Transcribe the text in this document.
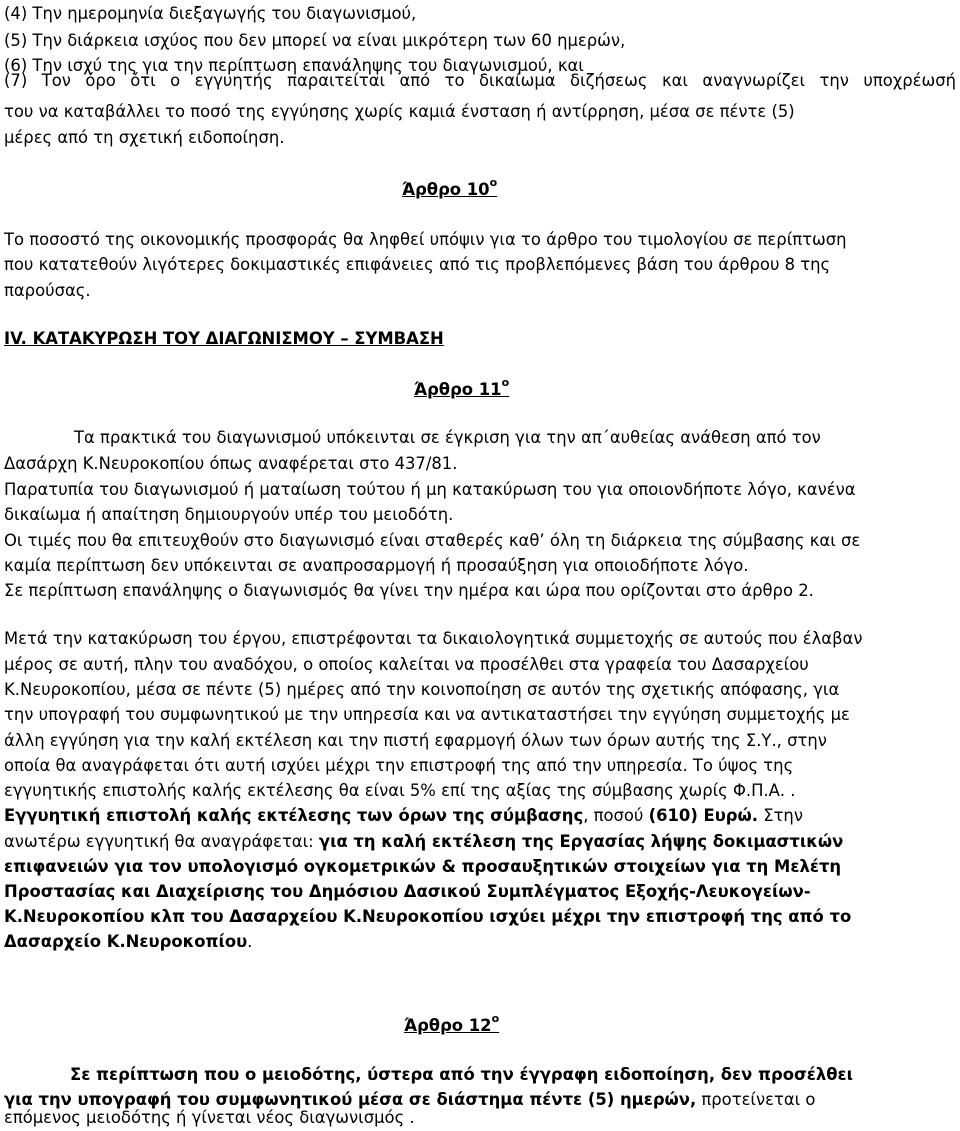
(4) Την ημερομηνία διεξαγωγής του διαγωνισμού,
(5) Την διάρκεια ισχύος που δεν μπορεί να είναι μικρότερη των 60 ημερών,
(6) Την ισχύ της για την περίπτωση επανάληψης του διαγωνισμού, και
(7) Τον όρο ότι ο εγγυητής παραιτείται από το δικαίωμα διζήσεως και αναγνωρίζει την υποχρέωσή
του να καταβάλλει το ποσό της εγγύησης χωρίς καμιά ένσταση ή αντίρρηση, μέσα σε πέντε (5)
μέρες από τη σχετική ειδοποίηση.
Άρθρο $10^o$
Το ποσοστό της οικονομικής προσφοράς θα ληφθεί υπόψιν για το άρθρο του τιμολογίου σε περίπτωση
που κατατεθούν λιγότερες δοκιμαστικές επιφάνειες από τις προβλεπόμενες βάση του άρθρου 8 της
παρούσας.
IV. ΚΑΤΑΚΥΡΩΣΗ ΤΟΥ ΔΙΑΓΩΝΙΣΜΟΥ – ΣΥΜΒΑΣΗ
Άρθρο $11^o$
Τα πρακτικά του διαγωνισμού υπόκεινται σε έγκριση για την απ΄αυθείας ανάθεση από τον
Δασάρχη Κ.Νευροκοπίου όπως αναφέρεται στο 437/81.
Παρατυπία του διαγωνισμού ή ματαίωση τούτου ή μη κατακύρωση του για οποιονδήποτε λόγο, κανένα
δικαίωμα ή απαίτηση δημιουργούν υπέρ του μειοδότη.
Οι τιμές που θα επιτευχθούν στο διαγωνισμό είναι σταθερές καθ’ όλη τη διάρκεια της σύμβασης και σε
καμία περίπτωση δεν υπόκεινται σε αναπροσαρμογή ή προσαύξηση για οποιοδήποτε λόγο.
Σε περίπτωση επανάληψης ο διαγωνισμός θα γίνει την ημέρα και ώρα που ορίζονται στο άρθρο 2.
Μετά την κατακύρωση του έργου, επιστρέφονται τα δικαιολογητικά συμμετοχής σε αυτούς που έλαβαν
μέρος σε αυτή, πλην του αναδόχου, ο οποίος καλείται να προσέλθει στα γραφεία του Δασαρχείου
Κ.Νευροκοπίου, μέσα σε πέντε (5) ημέρες από την κοινοποίηση σε αυτόν της σχετικής απόφασης, για
την υπογραφή του συμφωνητικού με την υπηρεσία και να αντικαταστήσει την εγγύηση συμμετοχής με
άλλη εγγύηση για την καλή εκτέλεση και την πιστή εφαρμογή όλων των όρων αυτής της Σ.Υ., στην
οποία θα αναγράφεται ότι αυτή ισχύει μέχρι την επιστροφή της από την υπηρεσία. Το ύψος της
εγγυητικής επιστολής καλής εκτέλεσης θα είναι 5% επί της αξίας της σύμβασης χωρίς Φ.Π.Α. .
Εγγυητική επιστολή καλής εκτέλεσης των όρων της σύμβασης, ποσού (610) Ευρώ. Στην
ανωτέρω εγγυητική θα αναγράφεται: για τη καλή εκτέλεση της Εργασίας λήψης δοκιμαστικών
επιφανειών για τον υπολογισμό ογκομετρικών & προσαυξητικών στοιχείων για τη Μελέτη
Προστασίας και Διαχείρισης του Δημόσιου Δασικού Συμπλέγματος Εξοχής-Λευκογείων-
Κ.Νευροκοπίου κλπ του Δασαρχείου Κ.Νευροκοπίου ισχύει μέχρι την επιστροφή της από το
Δασαρχείο Κ.Νευροκοπίου.
Άρθρο $12^o$
Σε περίπτωση που ο μειοδότης, ύστερα από την έγγραφη ειδοποίηση, δεν προσέλθει
για την υπογραφή του συμφωνητικού μέσα σε διάστημα πέντε (5) ημερών, προτείνεται ο
επόμενος μειοδότης ή γίνεται νέος διαγωνισμός .
